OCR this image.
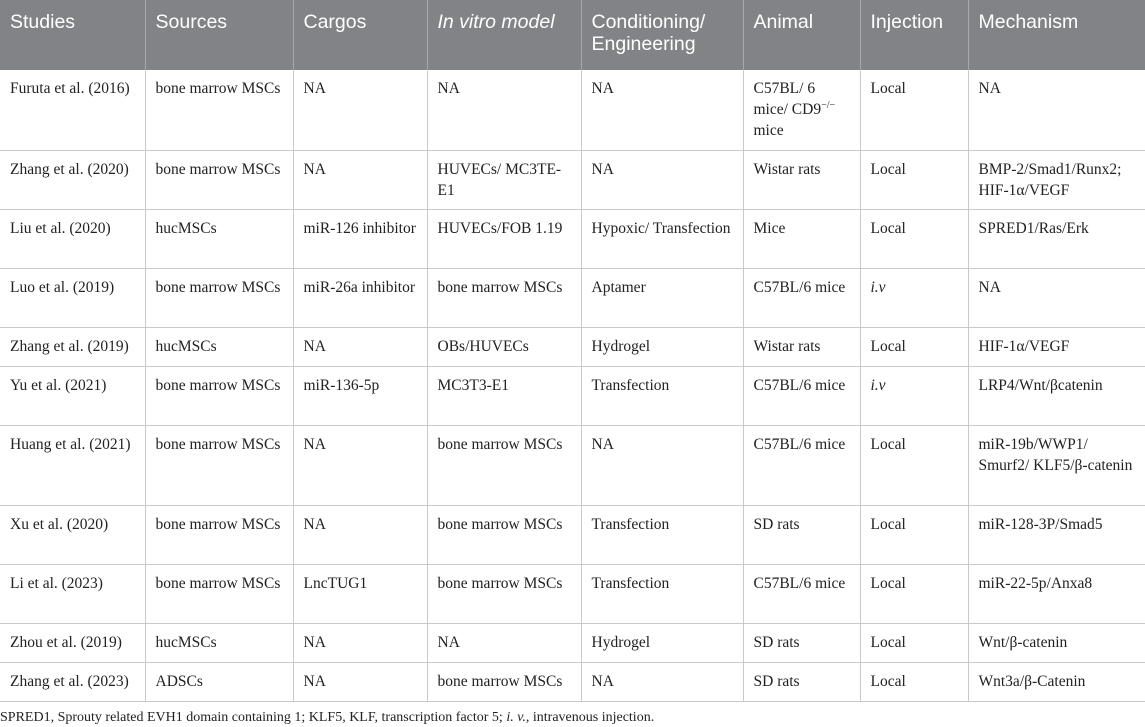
Studies	Sources	Cargos	In vitro model	Conditioning/ Engineering	Animal	Injection	Mechanism
Furuta et al. (2016)	bone marrow MSCs	NA	NA	NA	C57BL/ 6 mice/ CD9−/− mice	Local	NA
Zhang et al. (2020)	bone marrow MSCs	NA	HUVECs/ MC3TE-E1	NA	Wistar rats	Local	BMP-2/Smad1/Runx2; HIF-1α/VEGF
Liu et al. (2020)	hucMSCs	miR-126 inhibitor	HUVECs/FOB 1.19	Hypoxic/ Transfection	Mice	Local	SPRED1/Ras/Erk
Luo et al. (2019)	bone marrow MSCs	miR-26a inhibitor	bone marrow MSCs	Aptamer	C57BL/6 mice	i.v	NA
Zhang et al. (2019)	hucMSCs	NA	OBs/HUVECs	Hydrogel	Wistar rats	Local	HIF-1α/VEGF
Yu et al. (2021)	bone marrow MSCs	miR-136-5p	MC3T3-E1	Transfection	C57BL/6 mice	i.v	LRP4/Wnt/βcatenin
Huang et al. (2021)	bone marrow MSCs	NA	bone marrow MSCs	NA	C57BL/6 mice	Local	miR-19b/WWP1/ Smurf2/ KLF5/β-catenin
Xu et al. (2020)	bone marrow MSCs	NA	bone marrow MSCs	Transfection	SD rats	Local	miR-128-3P/Smad5
Li et al. (2023)	bone marrow MSCs	LncTUG1	bone marrow MSCs	Transfection	C57BL/6 mice	Local	miR-22-5p/Anxa8
Zhou et al. (2019)	hucMSCs	NA	NA	Hydrogel	SD rats	Local	Wnt/β-catenin
Zhang et al. (2023)	ADSCs	NA	bone marrow MSCs	NA	SD rats	Local	Wnt3a/β-Catenin
SPRED1, Sprouty related EVH1 domain containing 1; KLF5, KLF, transcription factor 5; i. v., intravenous injection.
